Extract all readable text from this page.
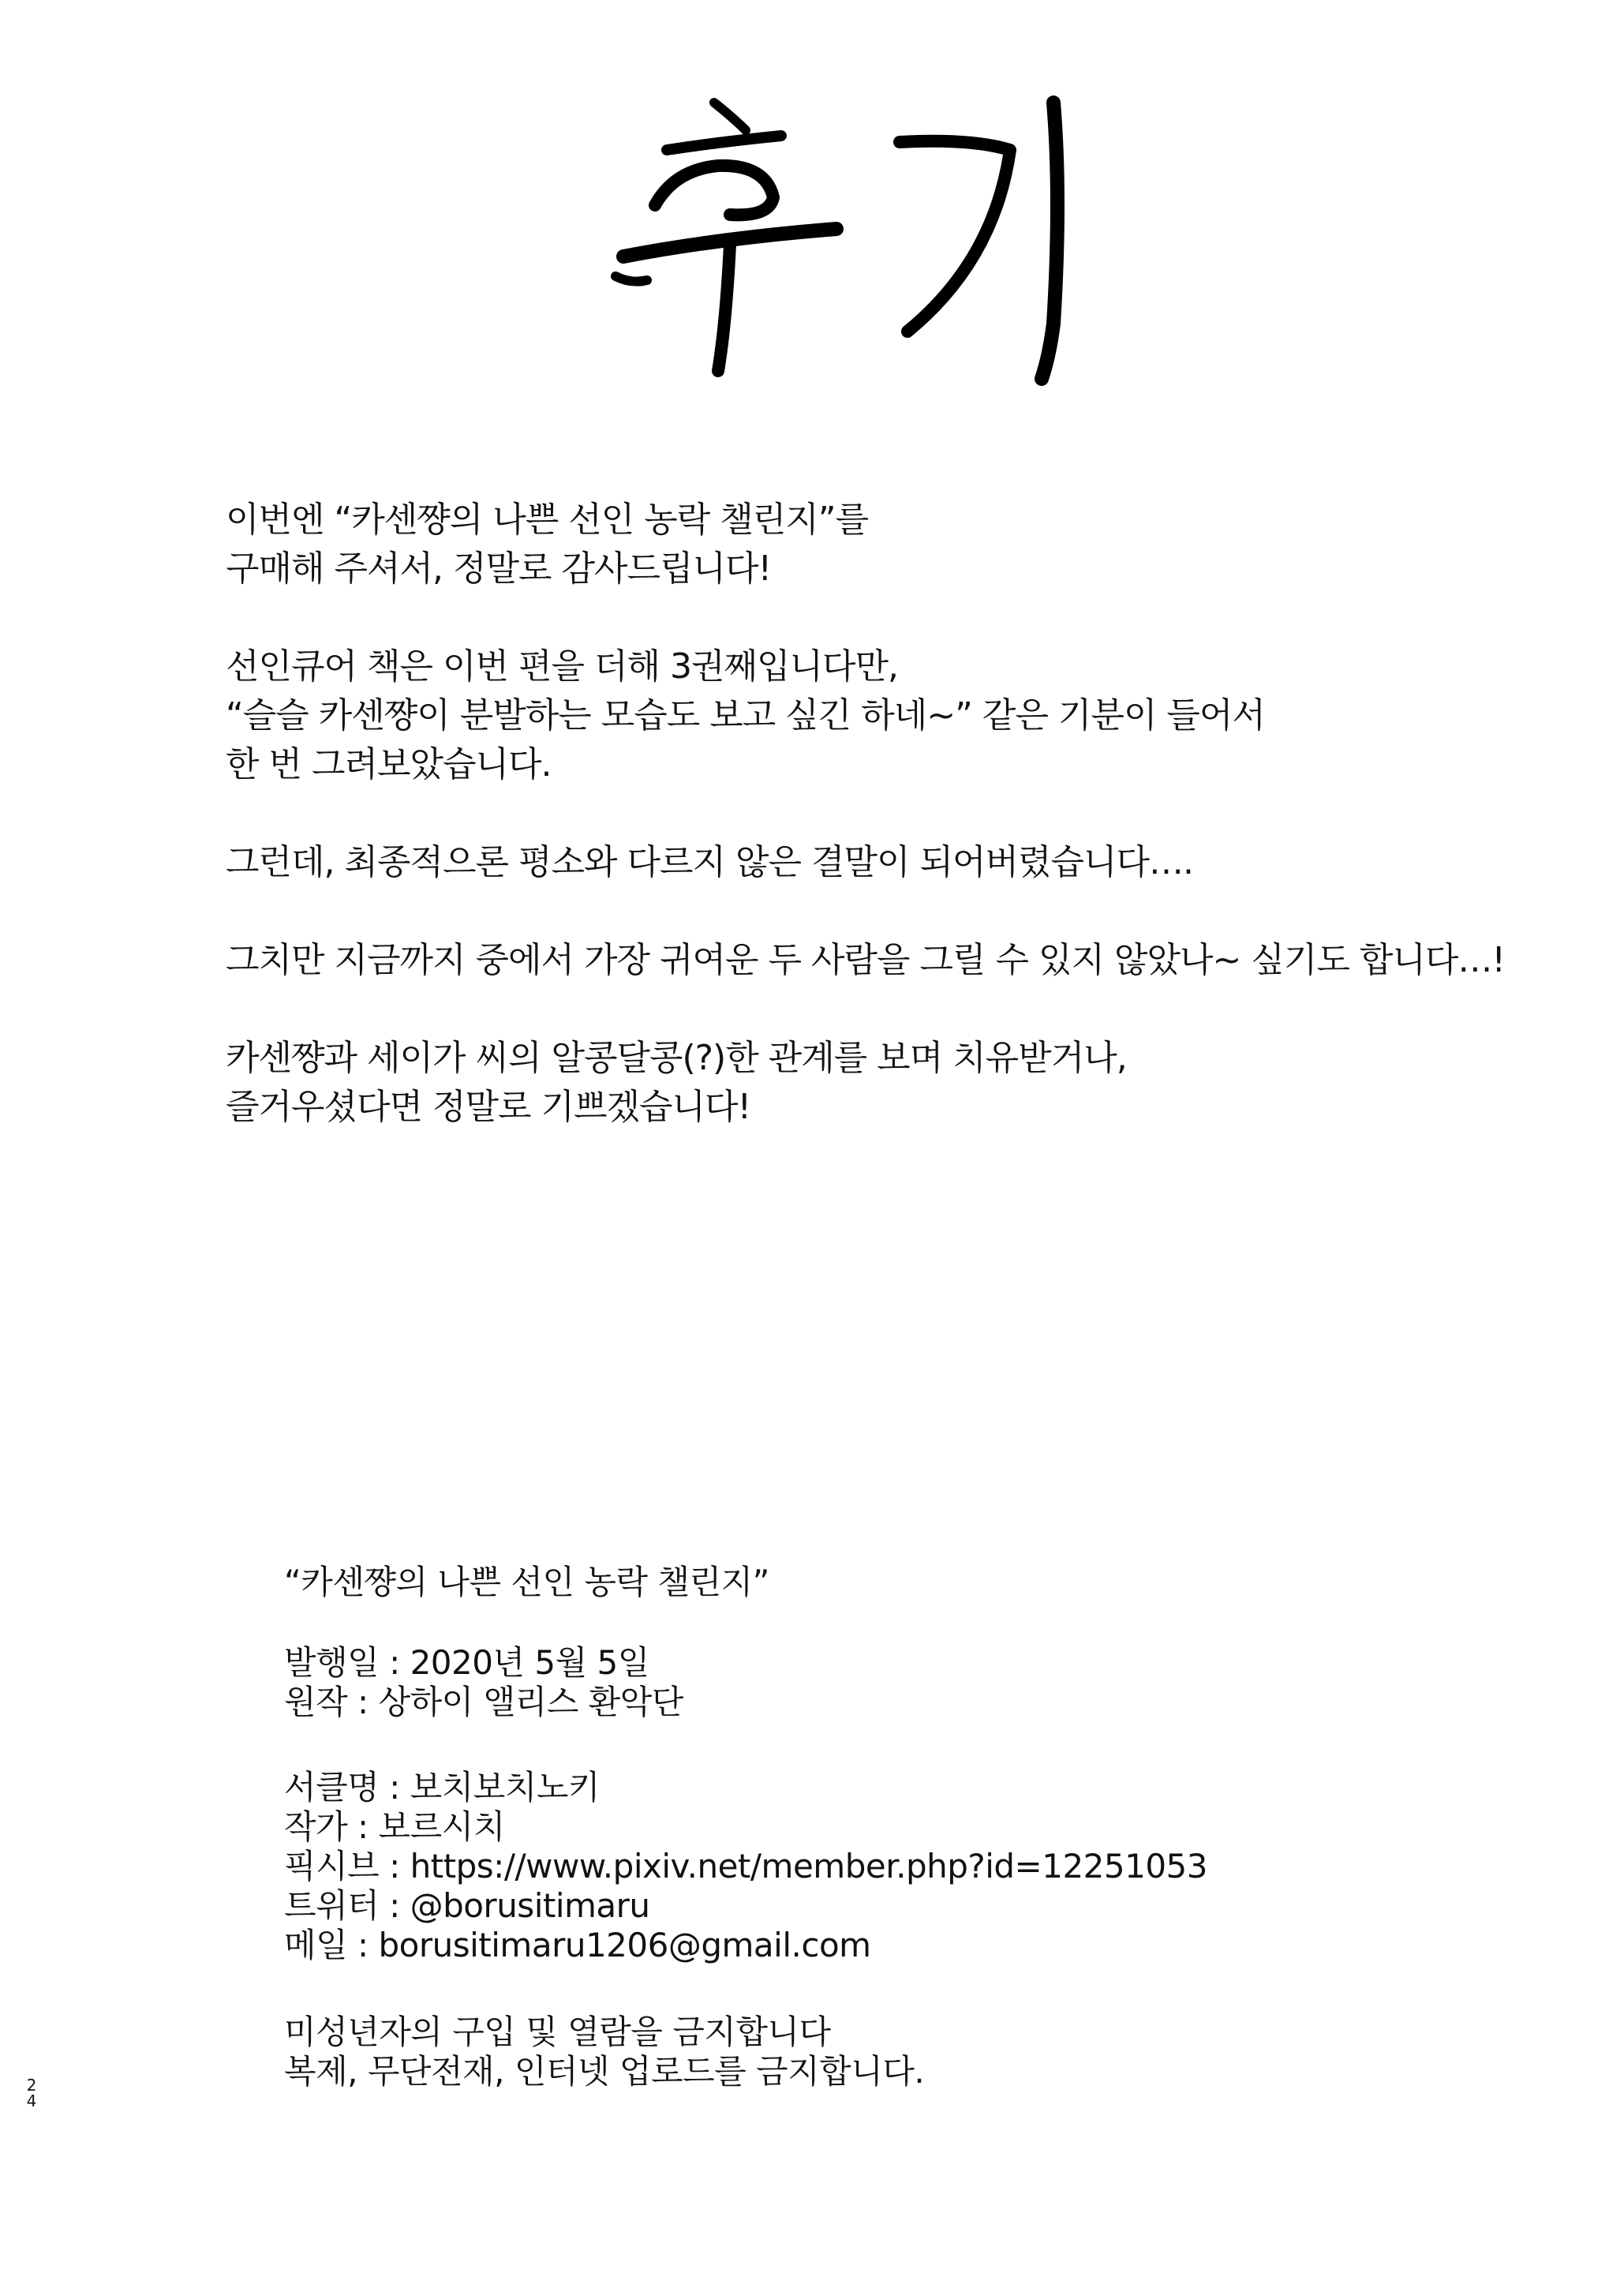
이번엔 “카센쨩의 나쁜 선인 농락 챌린지”를
구매해 주셔서, 정말로 감사드립니다!

선인큐어 책은 이번 편을 더해 3권째입니다만,
“슬슬 카센쨩이 분발하는 모습도 보고 싶긴 하네~” 같은 기분이 들어서
한 번 그려보았습니다.

그런데, 최종적으론 평소와 다르지 않은 결말이 되어버렸습니다….

그치만 지금까지 중에서 가장 귀여운 두 사람을 그릴 수 있지 않았나~ 싶기도 합니다…!

카센쨩과 세이가 씨의 알콩달콩(?)한 관계를 보며 치유받거나,
즐거우셨다면 정말로 기쁘겠습니다!

“카센쨩의 나쁜 선인 농락 챌린지”
발행일 : 2020년 5월 5일
원작 : 상하이 앨리스 환악단
서클명 : 보치보치노키
작가 : 보르시치
픽시브 : https://www.pixiv.net/member.php?id=12251053
트위터 : @borusitimaru
메일 : borusitimaru1206@gmail.com
미성년자의 구입 및 열람을 금지합니다
복제, 무단전재, 인터넷 업로드를 금지합니다.
2
4
